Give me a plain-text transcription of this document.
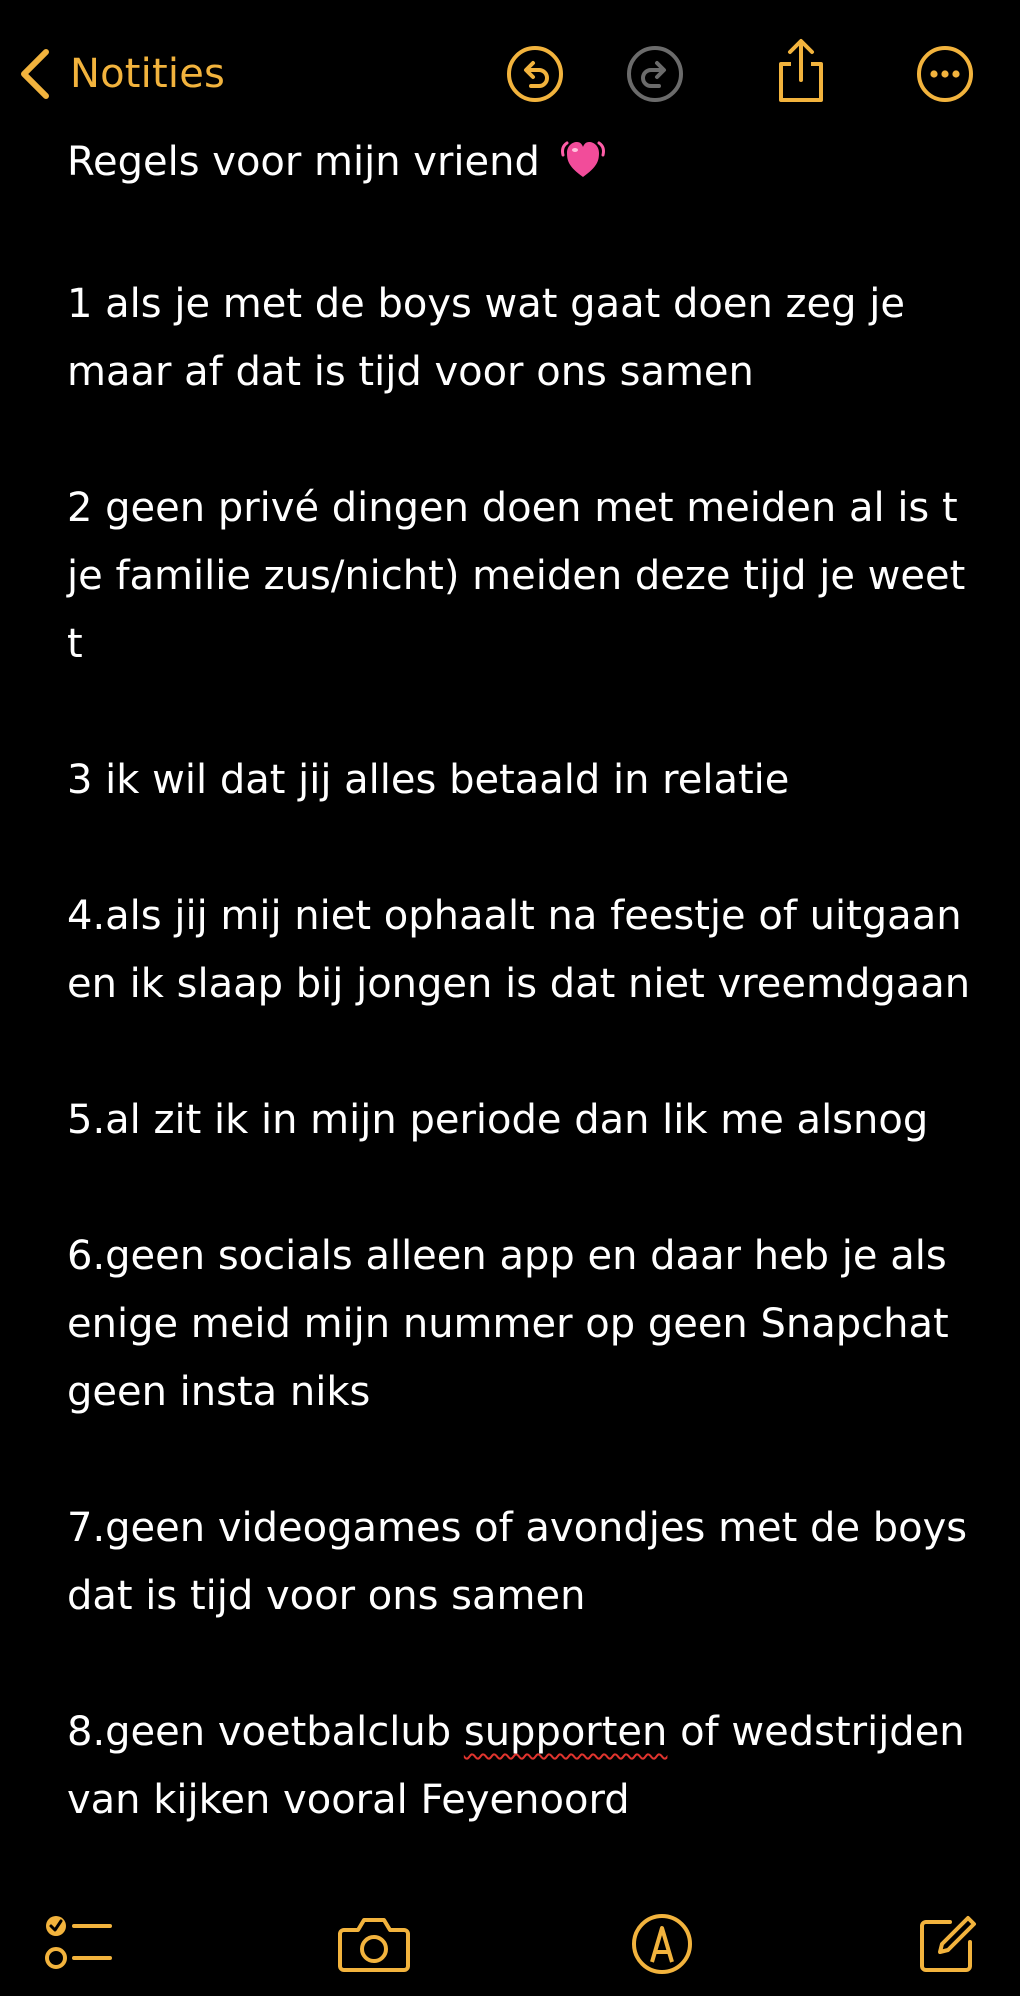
Notities

Regels voor mijn vriend

1 als je met de boys wat gaat doen zeg je maar af dat is tijd voor ons samen

2 geen privé dingen doen met meiden al is t je familie zus/nicht) meiden deze tijd je weet t

3 ik wil dat jij alles betaald in relatie

4.als jij mij niet ophaalt na feestje of uitgaan en ik slaap bij jongen is dat niet vreemdgaan

5.al zit ik in mijn periode dan lik me alsnog

6.geen socials alleen app en daar heb je als enige meid mijn nummer op geen Snapchat geen insta niks

7.geen videogames of avondjes met de boys dat is tijd voor ons samen

8.geen voetbalclub supporten of wedstrijden van kijken vooral Feyenoord
